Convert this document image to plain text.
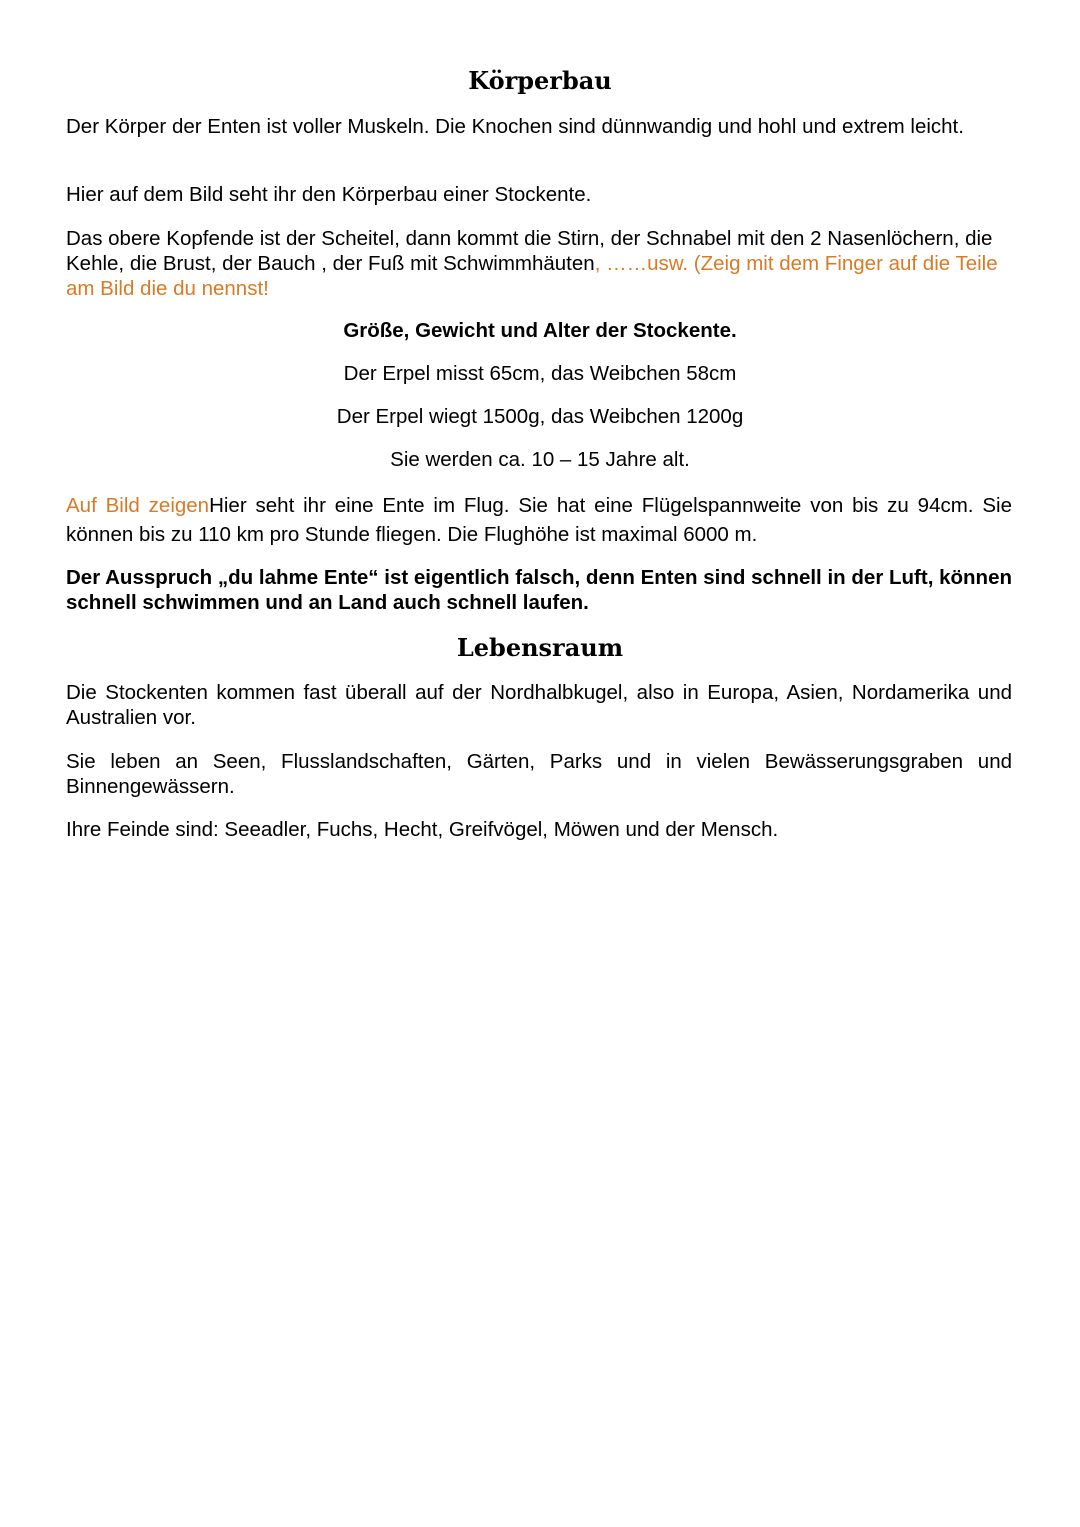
Körperbau

Der Körper der Enten ist voller Muskeln. Die Knochen sind dünnwandig und hohl und extrem leicht.

Hier auf dem Bild seht ihr den Körperbau einer Stockente.

Das obere Kopfende ist der Scheitel, dann kommt die Stirn, der Schnabel mit den 2 Nasenlöchern, die Kehle, die Brust, der Bauch , der Fuß mit Schwimmhäuten, ……usw. (Zeig mit dem Finger auf die Teile am Bild die du nennst!

Größe, Gewicht und Alter der Stockente.

Der Erpel misst 65cm, das Weibchen 58cm

Der Erpel wiegt 1500g, das Weibchen 1200g

Sie werden ca. 10 – 15 Jahre alt.

Auf Bild zeigenHier seht ihr eine Ente im Flug. Sie hat eine Flügelspannweite von bis zu 94cm. Sie können bis zu 110 km pro Stunde fliegen. Die Flughöhe ist maximal 6000 m.

Der Ausspruch „du lahme Ente“ ist eigentlich falsch, denn Enten sind schnell in der Luft, können schnell schwimmen und an Land auch schnell laufen.

Lebensraum

Die Stockenten kommen fast überall auf der Nordhalbkugel, also in Europa, Asien, Nordamerika und Australien vor.

Sie leben an Seen, Flusslandschaften, Gärten, Parks und in vielen Bewässerungsgraben und Binnengewässern.

Ihre Feinde sind: Seeadler, Fuchs, Hecht, Greifvögel, Möwen und der Mensch.
